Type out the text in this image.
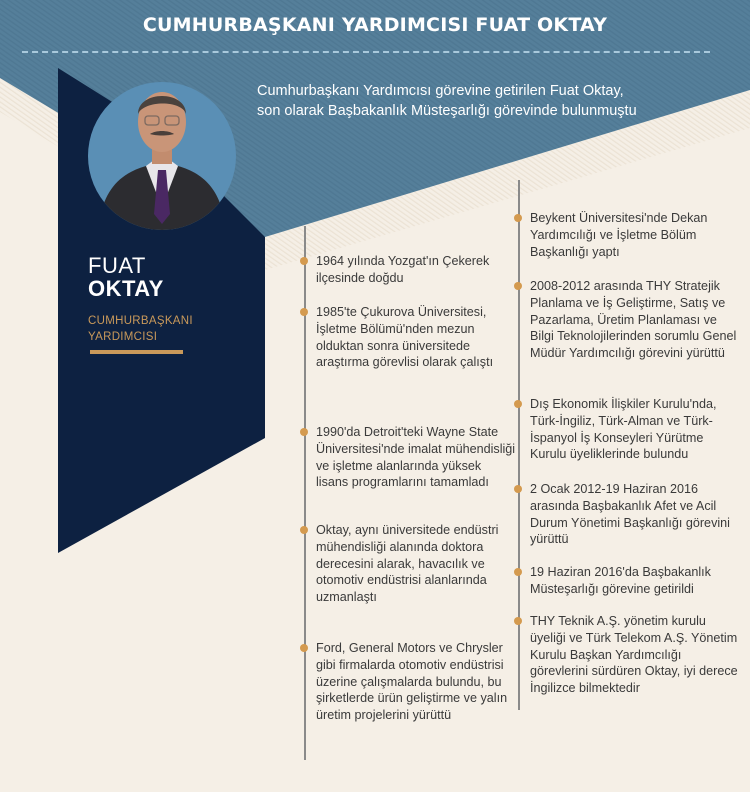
CUMHURBAŞKANI YARDIMCISI FUAT OKTAY
Cumhurbaşkanı Yardımcısı görevine getirilen Fuat Oktay, son olarak Başbakanlık Müsteşarlığı görevinde bulunmuştu
FUAT
OKTAY
CUMHURBAŞKANI
YARDIMCISI
1964 yılında Yozgat'ın Çekerek ilçesinde doğdu
1985'te Çukurova Üniversitesi, İşletme Bölümü'nden mezun olduktan sonra üniversitede araştırma görevlisi olarak çalıştı
1990'da Detroit'teki Wayne State Üniversitesi'nde imalat mühendisliği ve işletme alanlarında yüksek lisans programlarını tamamladı
Oktay, aynı üniversitede endüstri mühendisliği alanında doktora derecesini alarak, havacılık ve otomotiv endüstrisi alanlarında uzmanlaştı
Ford, General Motors ve Chrysler gibi firmalarda otomotiv endüstrisi üzerine çalışmalarda bulundu, bu şirketlerde ürün geliştirme ve yalın üretim projelerini yürüttü
Beykent Üniversitesi'nde Dekan Yardımcılığı ve İşletme Bölüm Başkanlığı yaptı
2008-2012 arasında THY Stratejik Planlama ve İş Geliştirme, Satış ve Pazarlama, Üretim Planlaması ve Bilgi Teknolojilerinden sorumlu Genel Müdür Yardımcılığı görevini yürüttü
Dış Ekonomik İlişkiler Kurulu'nda, Türk-İngiliz, Türk-Alman ve Türk-İspanyol İş Konseyleri Yürütme Kurulu üyeliklerinde bulundu
2 Ocak 2012-19 Haziran 2016 arasında Başbakanlık Afet ve Acil Durum Yönetimi Başkanlığı görevini yürüttü
19 Haziran 2016'da Başbakanlık Müsteşarlığı görevine getirildi
THY Teknik A.Ş. yönetim kurulu üyeliği ve Türk Telekom A.Ş. Yönetim Kurulu Başkan Yardımcılığı görevlerini sürdüren Oktay, iyi derece İngilizce bilmektedir
